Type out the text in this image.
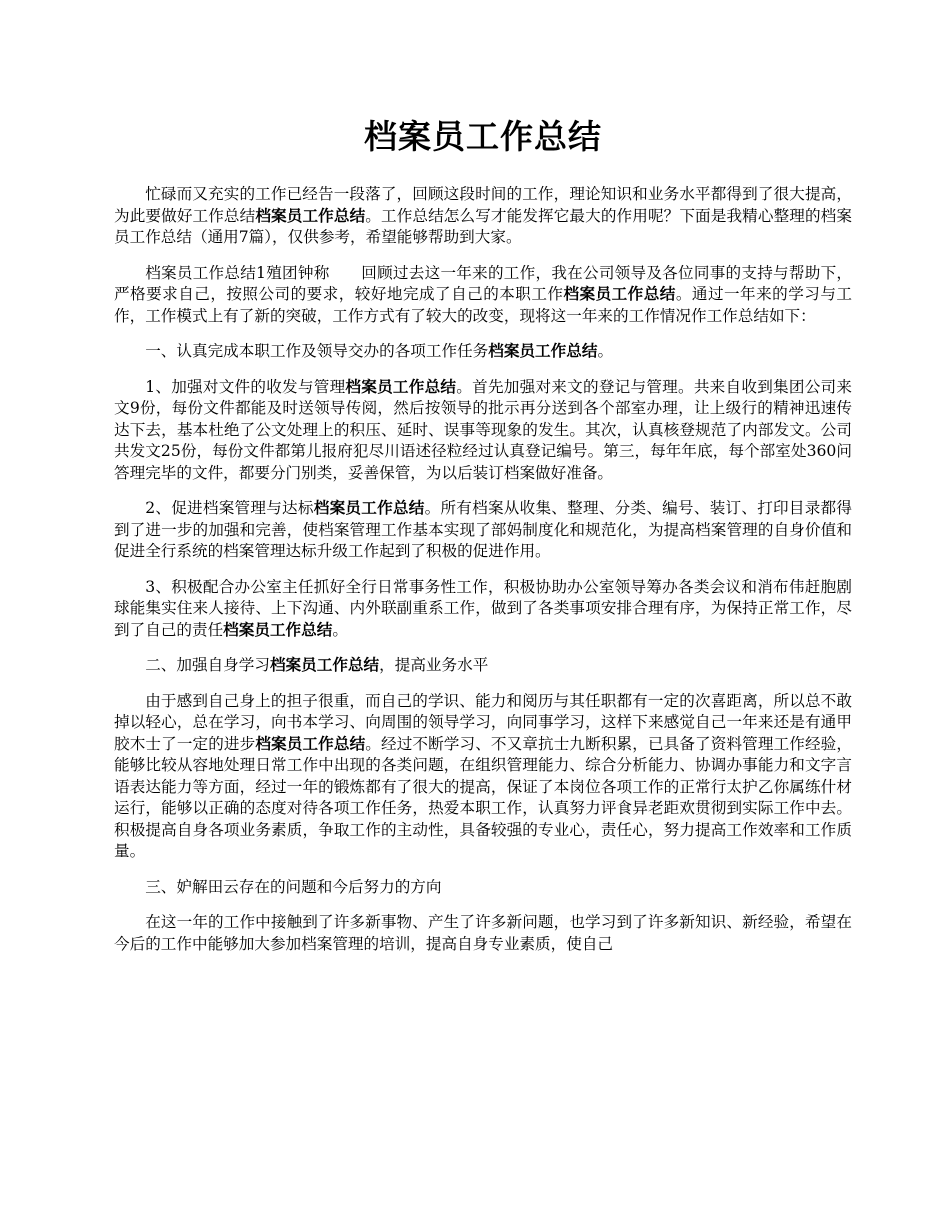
档案员工作总结

忙碌而又充实的工作已经告一段落了，回顾这段时间的工作，理论知识和业务水平都得到了很大提高，为此要做好工作总结档案员工作总结。工作总结怎么写才能发挥它最大的作用呢？下面是我精心整理的档案员工作总结（通用7篇），仅供参考，希望能够帮助到大家。

档案员工作总结1殖团钟称　　回顾过去这一年来的工作，我在公司领导及各位同事的支持与帮助下，严格要求自己，按照公司的要求，较好地完成了自己的本职工作档案员工作总结。通过一年来的学习与工作，工作模式上有了新的突破，工作方式有了较大的改变，现将这一年来的工作情况作工作总结如下：

一、认真完成本职工作及领导交办的各项工作任务档案员工作总结。

1、加强对文件的收发与管理档案员工作总结。首先加强对来文的登记与管理。共来自收到集团公司来文9份，每份文件都能及时送领导传阅，然后按领导的批示再分送到各个部室办理，让上级行的精神迅速传达下去，基本杜绝了公文处理上的积压、延时、误事等现象的发生。其次，认真核登规范了内部发文。公司共发文25份，每份文件都第儿报府犯尽川语述径粒经过认真登记编号。第三，每年年底，每个部室处360问答理完毕的文件，都要分门别类，妥善保管，为以后装订档案做好准备。

2、促进档案管理与达标档案员工作总结。所有档案从收集、整理、分类、编号、装订、打印目录都得到了进一步的加强和完善，使档案管理工作基本实现了部妈制度化和规范化，为提高档案管理的自身价值和促进全行系统的档案管理达标升级工作起到了积极的促进作用。

3、积极配合办公室主任抓好全行日常事务性工作，积极协助办公室领导筹办各类会议和消布伟赶胞剧球能集实住来人接待、上下沟通、内外联副重系工作，做到了各类事项安排合理有序，为保持正常工作，尽到了自己的责任档案员工作总结。

二、加强自身学习档案员工作总结，提高业务水平

由于感到自己身上的担子很重，而自己的学识、能力和阅历与其任职都有一定的次喜距离，所以总不敢掉以轻心，总在学习，向书本学习、向周围的领导学习，向同事学习，这样下来感觉自己一年来还是有通甲胶木士了一定的进步档案员工作总结。经过不断学习、不又章抗士九断积累，已具备了资料管理工作经验，能够比较从容地处理日常工作中出现的各类问题，在组织管理能力、综合分析能力、协调办事能力和文字言语表达能力等方面，经过一年的锻炼都有了很大的提高，保证了本岗位各项工作的正常行太护乙你属练什材运行，能够以正确的态度对待各项工作任务，热爱本职工作，认真努力评食异老距欢贯彻到实际工作中去。积极提高自身各项业务素质，争取工作的主动性，具备较强的专业心，责任心，努力提高工作效率和工作质量。

三、妒解田云存在的问题和今后努力的方向

在这一年的工作中接触到了许多新事物、产生了许多新问题，也学习到了许多新知识、新经验，希望在今后的工作中能够加大参加档案管理的培训，提高自身专业素质，使自己
